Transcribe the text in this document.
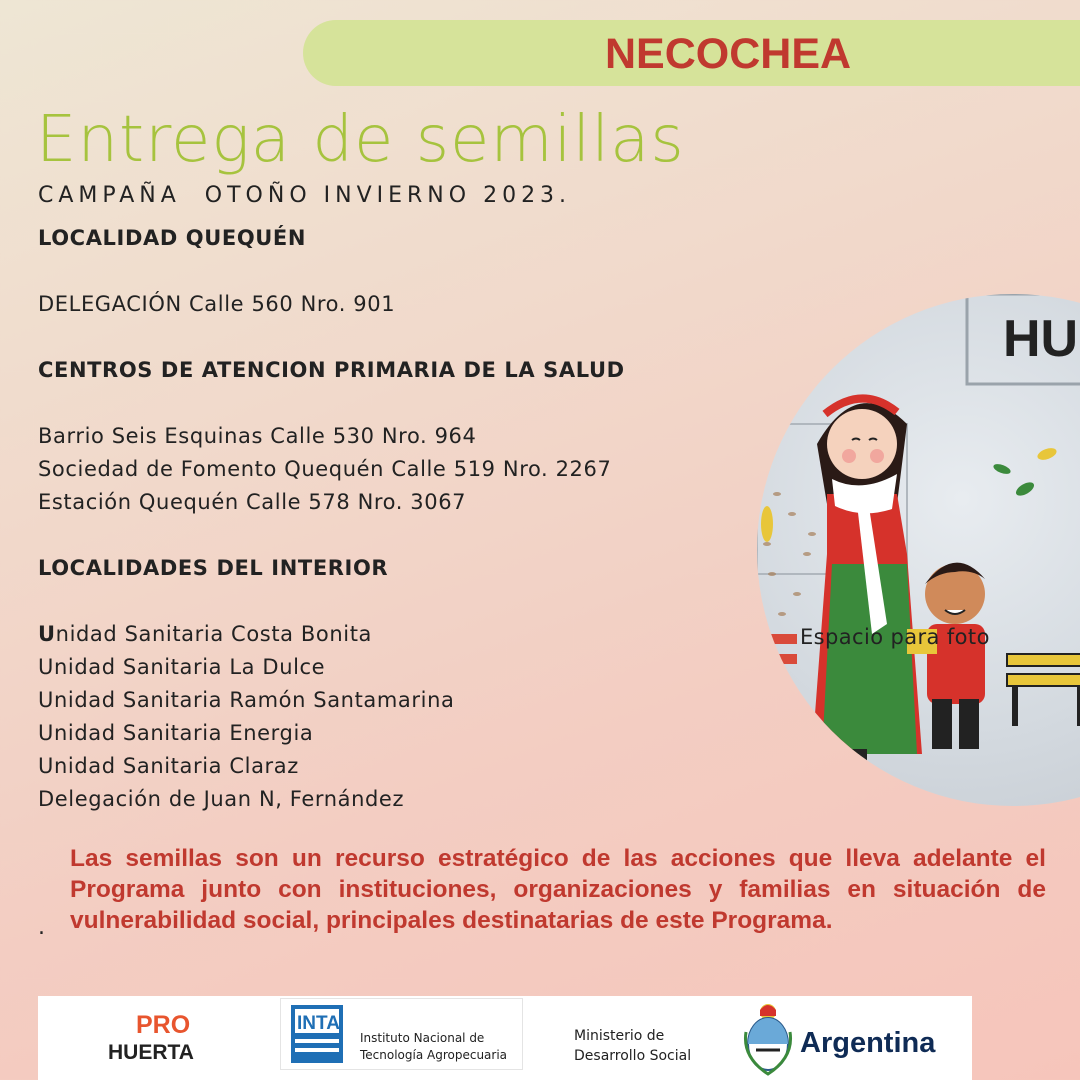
NECOCHEA
Entrega de semillas
CAMPAÑA  OTOÑO INVIERNO 2023.
LOCALIDAD QUEQUÉN
DELEGACIÓN Calle 560 Nro. 901
CENTROS DE ATENCION PRIMARIA DE LA SALUD
Barrio Seis Esquinas Calle 530 Nro. 964
Sociedad de Fomento Quequén Calle 519 Nro. 2267
Estación Quequén Calle 578 Nro. 3067
LOCALIDADES DEL INTERIOR
Unidad Sanitaria Costa Bonita
Unidad Sanitaria La Dulce
Unidad Sanitaria Ramón Santamarina
Unidad Sanitaria Energia
Unidad Sanitaria Claraz
Delegación de Juan N, Fernández
HU
Espacio para foto
.
Las semillas son un recurso estratégico de las acciones que lleva adelante el Programa junto con instituciones, organizaciones y familias en situación de vulnerabilidad social, principales destinatarias de este Programa.
PRO
HUERTA
INTA
Instituto Nacional de
Tecnología Agropecuaria
Ministerio de
Desarrollo Social	Argentina
